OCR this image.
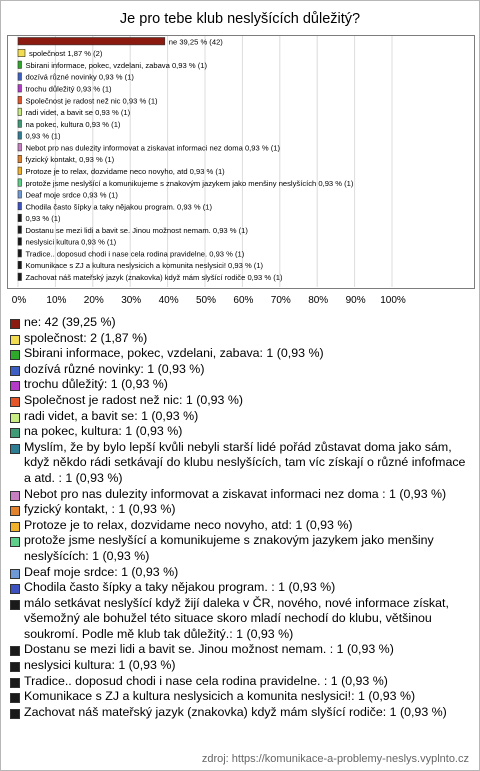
Je pro tebe klub neslyšících důležitý?
0% 10% 20% 30% 40% 50% 60% 70% 80% 90% 100%
ne 39,25 % (42)
společnost 1,87 % (2)
Sbirani informace, pokec, vzdelani, zabava 0,93 % (1)
dozívá různé novinky 0,93 % (1)
trochu důležitý 0,93 % (1)
Společnost je radost než nic 0,93 % (1)
radi videt, a bavit se 0,93 % (1)
na pokec, kultura 0,93 % (1)
0,93 % (1)
Nebot pro nas dulezity informovat a ziskavat informaci nez doma 0,93 % (1)
fyzický kontakt, 0,93 % (1)
Protoze je to relax, dozvidame neco novyho, atd 0,93 % (1)
protože jsme neslyšící a komunikujeme s znakovým jazykem jako menšiny neslyšících 0,93 % (1)
Deaf moje srdce 0,93 % (1)
Chodila často šípky a taky nějakou program. 0,93 % (1)
0,93 % (1)
Dostanu se mezi lidi a bavit se. Jinou možnost nemam. 0,93 % (1)
neslysici kultura 0,93 % (1)
Tradice.. doposud chodi i nase cela rodina pravidelne. 0,93 % (1)
Komunikace s ZJ a kultura neslysicich a komunita neslysici! 0,93 % (1)
Zachovat náš mateřský jazyk (znakovka) když mám slyšící rodiče 0,93 % (1)
ne: 42 (39,25 %)
společnost: 2 (1,87 %)
Sbirani informace, pokec, vzdelani, zabava: 1 (0,93 %)
dozívá různé novinky: 1 (0,93 %)
trochu důležitý: 1 (0,93 %)
Společnost je radost než nic: 1 (0,93 %)
radi videt, a bavit se: 1 (0,93 %)
na pokec, kultura: 1 (0,93 %)
Myslím, že by bylo lepší kvůli nebyli starší lidé pořád zůstavat doma jako sám, když někdo rádi setkávají do klubu neslyšících, tam víc získají o různé infofmace a atd. : 1 (0,93 %)
Nebot pro nas dulezity informovat a ziskavat informaci nez doma : 1 (0,93 %)
fyzický kontakt, : 1 (0,93 %)
Protoze je to relax, dozvidame neco novyho, atd: 1 (0,93 %)
protože jsme neslyšící a komunikujeme s znakovým jazykem jako menšiny neslyšících: 1 (0,93 %)
Deaf moje srdce: 1 (0,93 %)
Chodila často šípky a taky nějakou program. : 1 (0,93 %)
málo setkávat neslyšící když žijí daleka v ČR, nového, nové informace získat, všemožný ale bohužel této situace skoro mladí nechodí do klubu, většinou soukromí. Podle mě klub tak důležitý.: 1 (0,93 %)
Dostanu se mezi lidi a bavit se. Jinou možnost nemam. : 1 (0,93 %)
neslysici kultura: 1 (0,93 %)
Tradice.. doposud chodi i nase cela rodina pravidelne. : 1 (0,93 %)
Komunikace s ZJ a kultura neslysicich a komunita neslysici!: 1 (0,93 %)
Zachovat náš mateřský jazyk (znakovka) když mám slyšící rodiče: 1 (0,93 %)
zdroj: https://komunikace-a-problemy-neslys.vyplnto.cz
